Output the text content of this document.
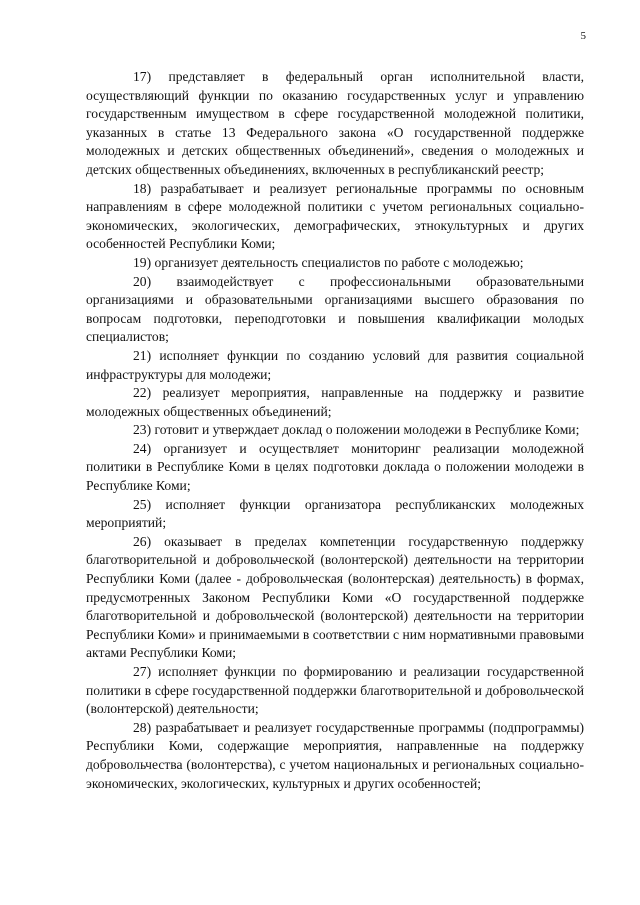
5

17) представляет в федеральный орган исполнительной власти, осуществляющий функции по оказанию государственных услуг и управлению государственным имуществом в сфере государственной молодежной политики, указанных в статье 13 Федерального закона «О государственной поддержке молодежных и детских общественных объединений», сведения о молодежных и детских общественных объединениях, включенных в республиканский реестр;

18) разрабатывает и реализует региональные программы по основным направлениям в сфере молодежной политики с учетом региональных социально-экономических, экологических, демографических, этнокультурных и других особенностей Республики Коми;

19) организует деятельность специалистов по работе с молодежью;

20) взаимодействует с профессиональными образовательными организациями и образовательными организациями высшего образования по вопросам подготовки, переподготовки и повышения квалификации молодых специалистов;

21) исполняет функции по созданию условий для развития социальной инфраструктуры для молодежи;

22) реализует мероприятия, направленные на поддержку и развитие молодежных общественных объединений;

23) готовит и утверждает доклад о положении молодежи в Республике Коми;

24) организует и осуществляет мониторинг реализации молодежной политики в Республике Коми в целях подготовки доклада о положении молодежи в Республике Коми;

25) исполняет функции организатора республиканских молодежных мероприятий;

26) оказывает в пределах компетенции государственную поддержку благотворительной и добровольческой (волонтерской) деятельности на территории Республики Коми (далее - добровольческая (волонтерская) деятельность) в формах, предусмотренных Законом Республики Коми «О государственной поддержке благотворительной и добровольческой (волонтерской) деятельности на территории Республики Коми» и принимаемыми в соответствии с ним нормативными правовыми актами Республики Коми;

27) исполняет функции по формированию и реализации государственной политики в сфере государственной поддержки благотворительной и добровольческой (волонтерской) деятельности;

28) разрабатывает и реализует государственные программы (подпрограммы) Республики Коми, содержащие мероприятия, направленные на поддержку добровольчества (волонтерства), с учетом национальных и региональных социально-экономических, экологических, культурных и других особенностей;
